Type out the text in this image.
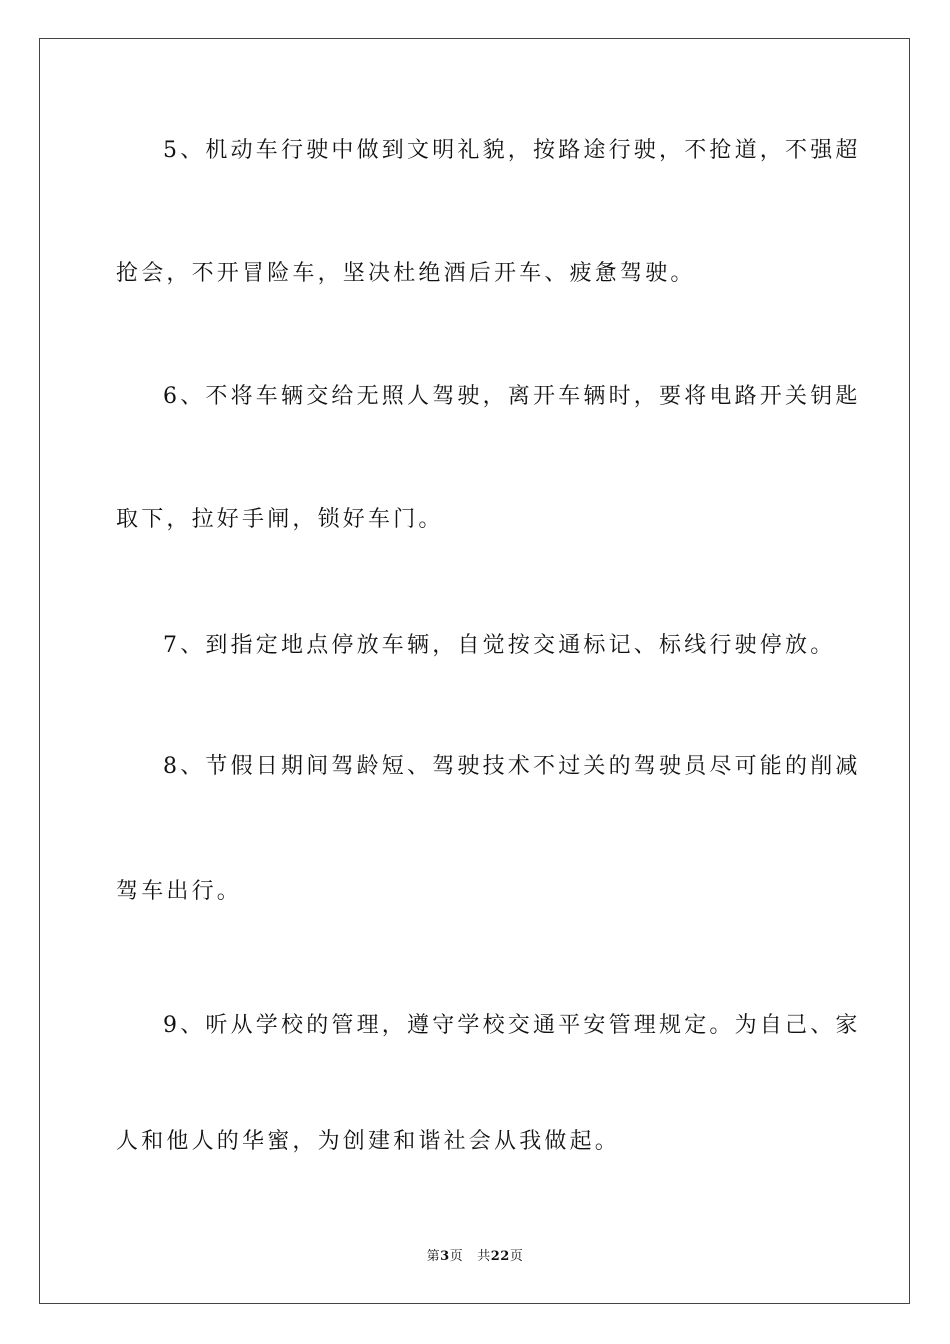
5、机动车行驶中做到文明礼貌，按路途行驶，不抢道，不强超
抢会，不开冒险车，坚决杜绝酒后开车、疲惫驾驶。
6、不将车辆交给无照人驾驶，离开车辆时，要将电路开关钥匙
取下，拉好手闸，锁好车门。
7、到指定地点停放车辆，自觉按交通标记、标线行驶停放。
8、节假日期间驾龄短、驾驶技术不过关的驾驶员尽可能的削减
驾车出行。
9、听从学校的管理，遵守学校交通平安管理规定。为自己、家
人和他人的华蜜，为创建和谐社会从我做起。
第3页 共22页
